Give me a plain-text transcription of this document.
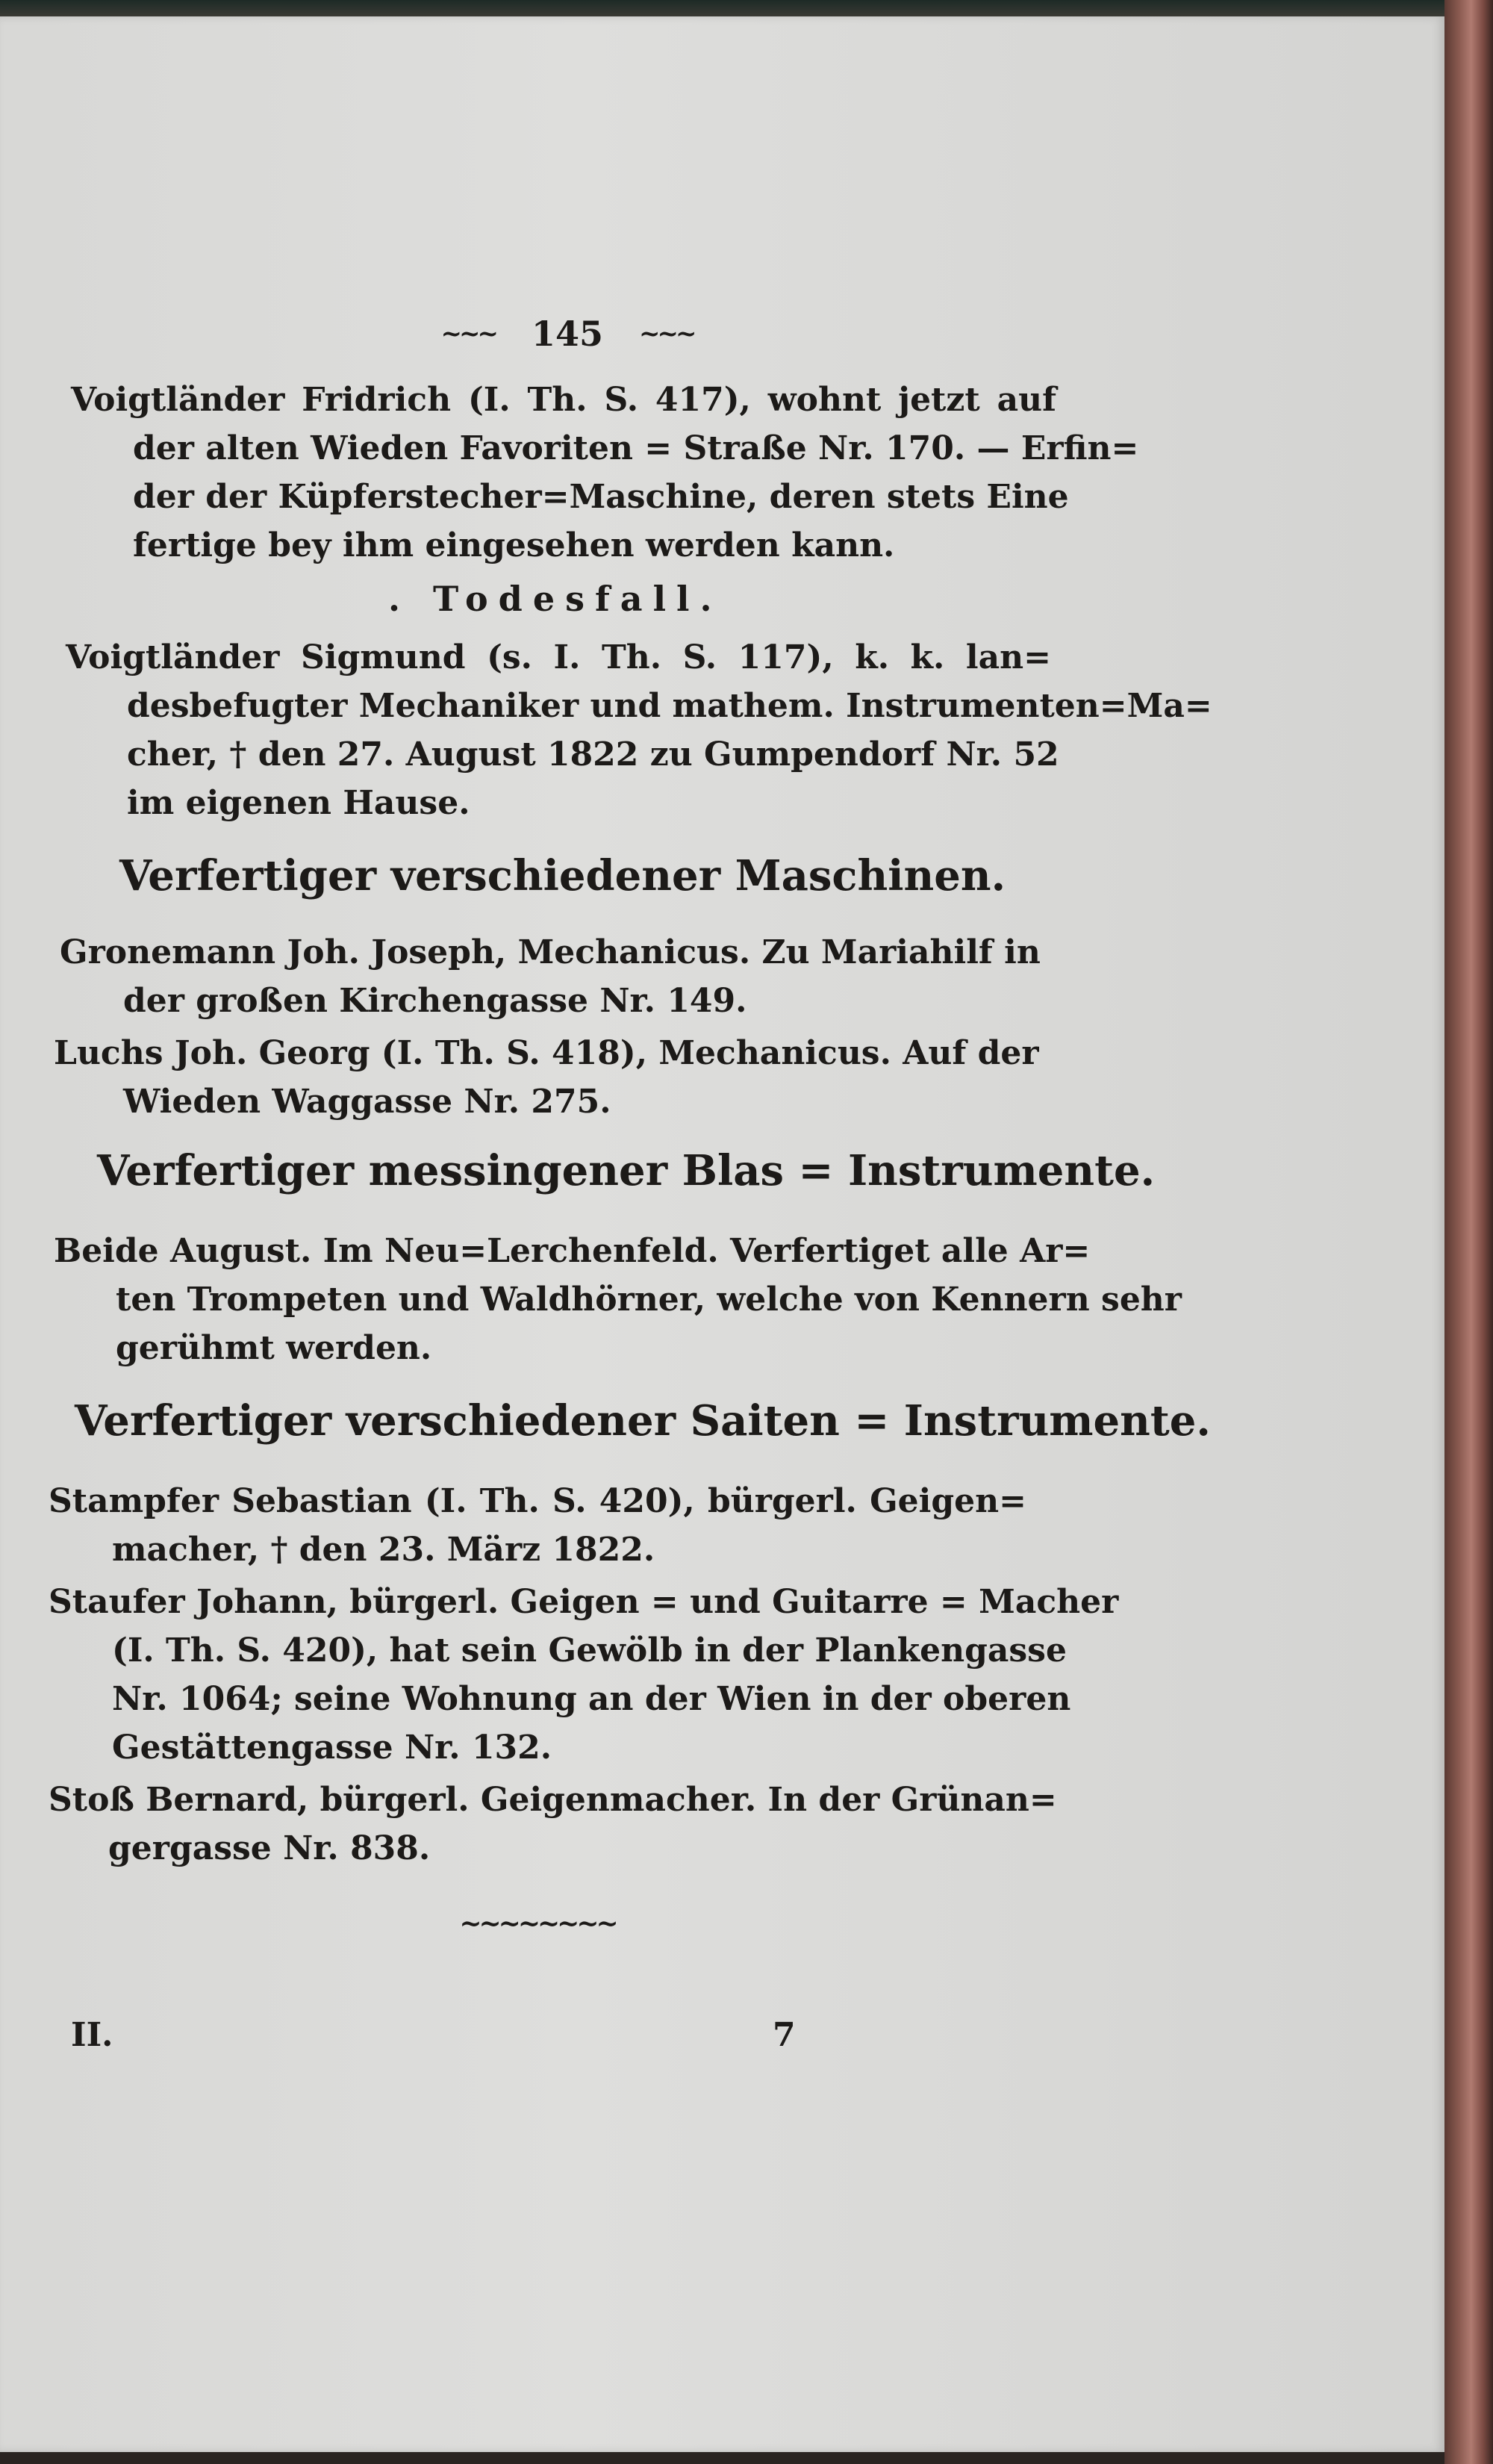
~~~ 145 ~~~
Voigtländer Fridrich (I. Th. S. 417), wohnt jetzt auf
der alten Wieden Favoriten = Straße Nr. 170. — Erfin=
der der Küpferstecher=Maschine, deren stets Eine
fertige bey ihm eingesehen werden kann.
. Todesfall.
Voigtländer Sigmund (s. I. Th. S. 117), k. k. lan=
desbefugter Mechaniker und mathem. Instrumenten=Ma=
cher, † den 27. August 1822 zu Gumpendorf Nr. 52
im eigenen Hause.
Verfertiger verschiedener Maschinen.
Gronemann Joh. Joseph, Mechanicus. Zu Mariahilf in
der großen Kirchengasse Nr. 149.
Luchs Joh. Georg (I. Th. S. 418), Mechanicus. Auf der
Wieden Waggasse Nr. 275.
Verfertiger messingener Blas = Instrumente.
Beide August. Im Neu=Lerchenfeld. Verfertiget alle Ar=
ten Trompeten und Waldhörner, welche von Kennern sehr
gerühmt werden.
Verfertiger verschiedener Saiten = Instrumente.
Stampfer Sebastian (I. Th. S. 420), bürgerl. Geigen=
macher, † den 23. März 1822.
Staufer Johann, bürgerl. Geigen = und Guitarre = Macher
(I. Th. S. 420), hat sein Gewölb in der Plankengasse
Nr. 1064; seine Wohnung an der Wien in der oberen
Gestättengasse Nr. 132.
Stoß Bernard, bürgerl. Geigenmacher. In der Grünan=
gergasse Nr. 838.
~~~~~~~~
II.	7
